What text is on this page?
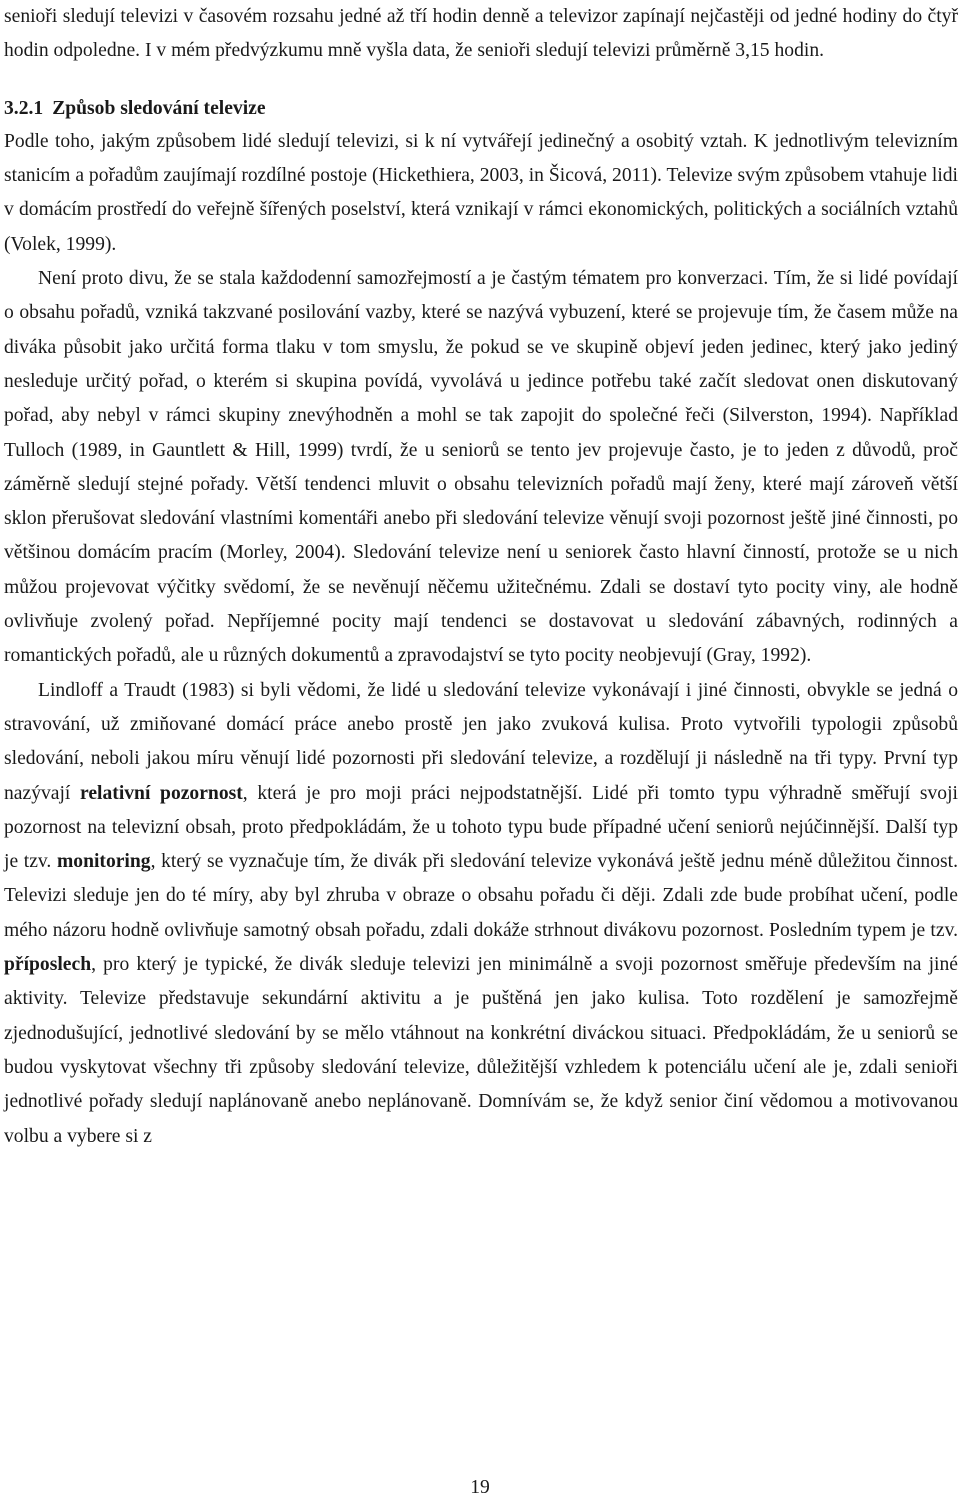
senioři sledují televizi v časovém rozsahu jedné až tří hodin denně a televizor zapínají nejčastěji od jedné hodiny do čtyř hodin odpoledne. I v mém předvýzkumu mně vyšla data, že senioři sledují televizi průměrně 3,15 hodin.

3.2.1 Způsob sledování televize

Podle toho, jakým způsobem lidé sledují televizi, si k ní vytvářejí jedinečný a osobitý vztah. K jednotlivým televizním stanicím a pořadům zaujímají rozdílné postoje (Hickethiera, 2003, in Šicová, 2011). Televize svým způsobem vtahuje lidi v domácím prostředí do veřejně šířených poselství, která vznikají v rámci ekonomických, politických a sociálních vztahů (Volek, 1999).

Není proto divu, že se stala každodenní samozřejmostí a je častým tématem pro konverzaci. Tím, že si lidé povídají o obsahu pořadů, vzniká takzvané posilování vazby, které se nazývá vybuzení, které se projevuje tím, že časem může na diváka působit jako určitá forma tlaku v tom smyslu, že pokud se ve skupině objeví jeden jedinec, který jako jediný nesleduje určitý pořad, o kterém si skupina povídá, vyvolává u jedince potřebu také začít sledovat onen diskutovaný pořad, aby nebyl v rámci skupiny znevýhodněn a mohl se tak zapojit do společné řeči (Silverston, 1994). Například Tulloch (1989, in Gauntlett & Hill, 1999) tvrdí, že u seniorů se tento jev projevuje často, je to jeden z důvodů, proč záměrně sledují stejné pořady. Větší tendenci mluvit o obsahu televizních pořadů mají ženy, které mají zároveň větší sklon přerušovat sledování vlastními komentáři anebo při sledování televize věnují svoji pozornost ještě jiné činnosti, po většinou domácím pracím (Morley, 2004). Sledování televize není u seniorek často hlavní činností, protože se u nich můžou projevovat výčitky svědomí, že se nevěnují něčemu užitečnému. Zdali se dostaví tyto pocity viny, ale hodně ovlivňuje zvolený pořad. Nepříjemné pocity mají tendenci se dostavovat u sledování zábavných, rodinných a romantických pořadů, ale u různých dokumentů a zpravodajství se tyto pocity neobjevují (Gray, 1992).

Lindloff a Traudt (1983) si byli vědomi, že lidé u sledování televize vykonávají i jiné činnosti, obvykle se jedná o stravování, už zmiňované domácí práce anebo prostě jen jako zvuková kulisa. Proto vytvořili typologii způsobů sledování, neboli jakou míru věnují lidé pozornosti při sledování televize, a rozdělují ji následně na tři typy. První typ nazývají relativní pozornost, která je pro moji práci nejpodstatnější. Lidé při tomto typu výhradně směřují svoji pozornost na televizní obsah, proto předpokládám, že u tohoto typu bude případné učení seniorů nejúčinnější. Další typ je tzv. monitoring, který se vyznačuje tím, že divák při sledování televize vykonává ještě jednu méně důležitou činnost. Televizi sleduje jen do té míry, aby byl zhruba v obraze o obsahu pořadu či ději. Zdali zde bude probíhat učení, podle mého názoru hodně ovlivňuje samotný obsah pořadu, zdali dokáže strhnout divákovu pozornost. Posledním typem je tzv. příposlech, pro který je typické, že divák sleduje televizi jen minimálně a svoji pozornost směřuje především na jiné aktivity. Televize představuje sekundární aktivitu a je puštěná jen jako kulisa. Toto rozdělení je samozřejmě zjednodušující, jednotlivé sledování by se mělo vtáhnout na konkrétní diváckou situaci. Předpokládám, že u seniorů se budou vyskytovat všechny tři způsoby sledování televize, důležitější vzhledem k potenciálu učení ale je, zdali senioři jednotlivé pořady sledují naplánovaně anebo neplánovaně. Domnívám se, že když senior činí vědomou a motivovanou volbu a vybere si z

19
